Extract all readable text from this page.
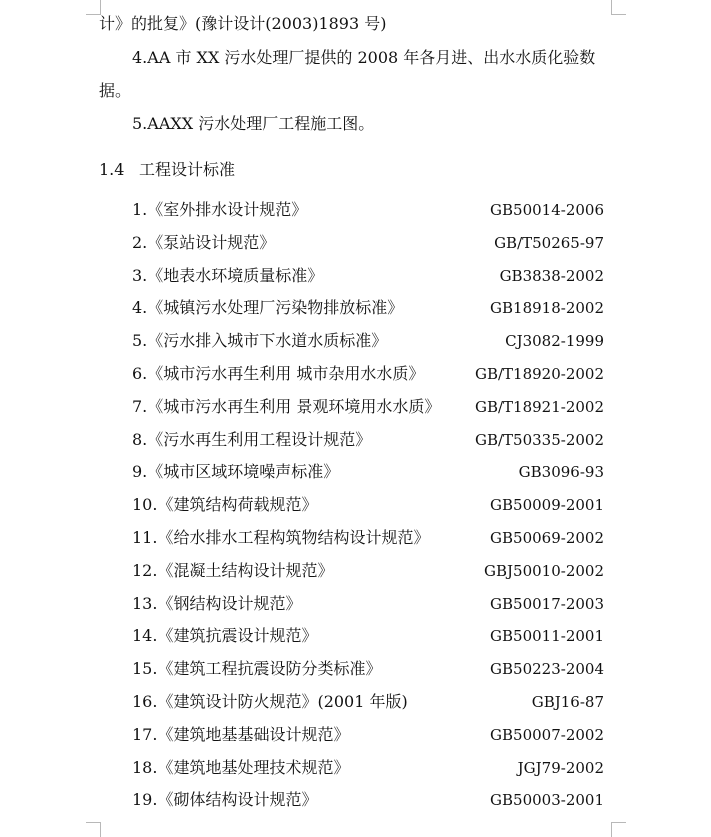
计》的批复》(豫计设计(2003)1893 号)
4.AA 市 XX 污水处理厂提供的 2008 年各月进、出水水质化验数
据。
5.AAXX 污水处理厂工程施工图。
1.4 工程设计标准
1.《室外排水设计规范》	GB50014-2006
2.《泵站设计规范》	GB/T50265-97
3.《地表水环境质量标准》	GB3838-2002
4.《城镇污水处理厂污染物排放标准》	GB18918-2002
5.《污水排入城市下水道水质标准》	CJ3082-1999
6.《城市污水再生利用 城市杂用水水质》	GB/T18920-2002
7.《城市污水再生利用 景观环境用水水质》 GB/T18921-2002
8.《污水再生利用工程设计规范》	GB/T50335-2002
9.《城市区域环境噪声标准》	GB3096-93
10.《建筑结构荷载规范》	GB50009-2001
11.《给水排水工程构筑物结构设计规范》	GB50069-2002
12.《混凝土结构设计规范》	GBJ50010-2002
13.《钢结构设计规范》	GB50017-2003
14.《建筑抗震设计规范》	GB50011-2001
15.《建筑工程抗震设防分类标准》	GB50223-2004
16.《建筑设计防火规范》(2001 年版)	GBJ16-87
17.《建筑地基基础设计规范》	GB50007-2002
18.《建筑地基处理技术规范》	JGJ79-2002
19.《砌体结构设计规范》	GB50003-2001
